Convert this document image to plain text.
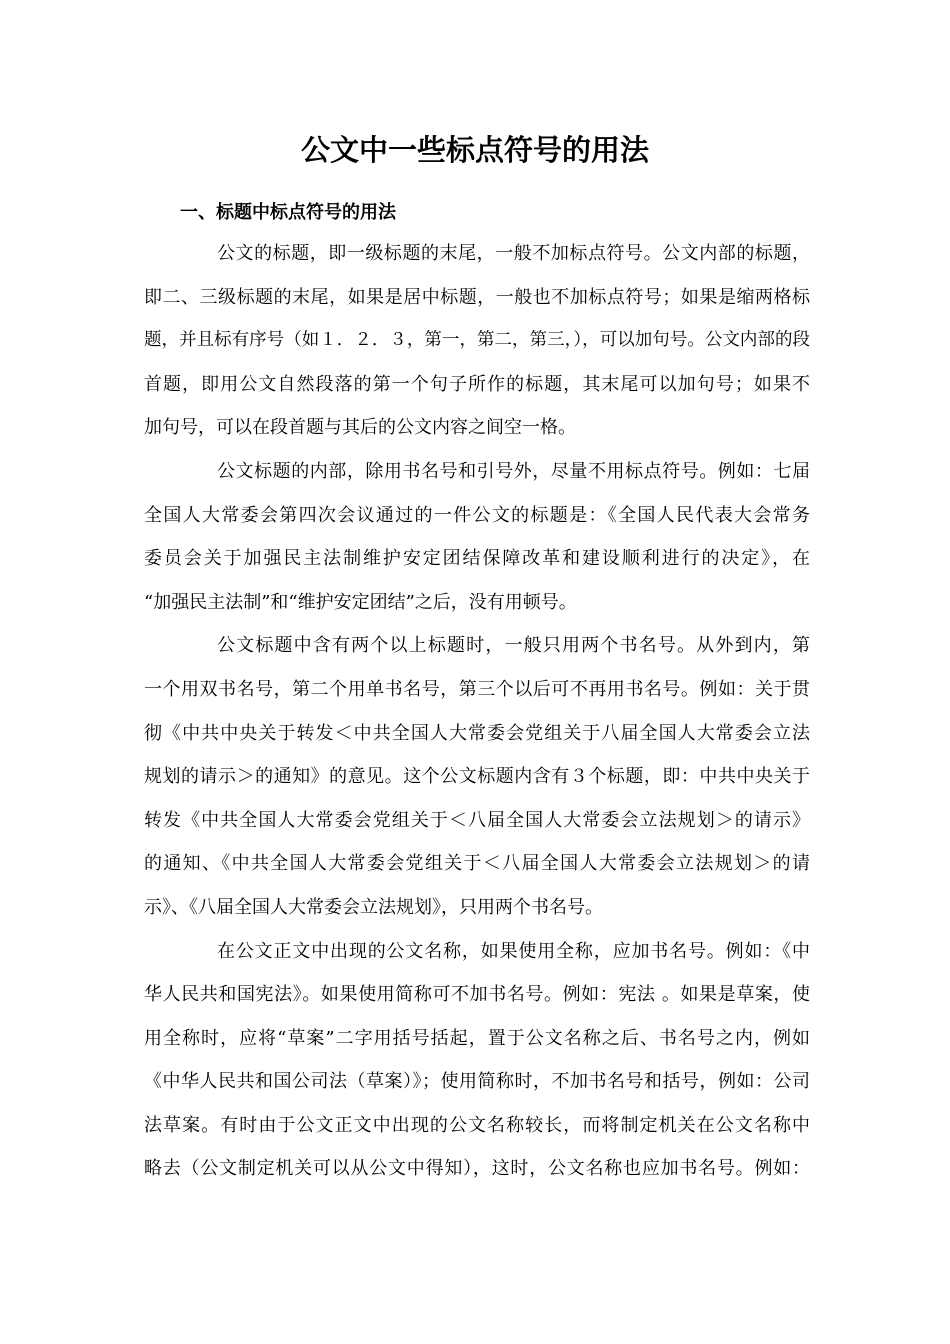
公文中一些标点符号的用法
一、标题中标点符号的用法
公文的标题，即一级标题的末尾，一般不加标点符号。公文内部的标题，
即二、三级标题的末尾，如果是居中标题，一般也不加标点符号；如果是缩两格标
题，并且标有序号（如１．２．３，第一，第二，第三，），可以加句号。公文内部的段
首题，即用公文自然段落的第一个句子所作的标题，其末尾可以加句号；如果不
加句号，可以在段首题与其后的公文内容之间空一格。
公文标题的内部，除用书名号和引号外，尽量不用标点符号。例如：七届
全国人大常委会第四次会议通过的一件公文的标题是：《全国人民代表大会常务
委员会关于加强民主法制维护安定团结保障改革和建设顺利进行的决定》，在
“加强民主法制”和“维护安定团结”之后，没有用顿号。
公文标题中含有两个以上标题时，一般只用两个书名号。从外到内，第
一个用双书名号，第二个用单书名号，第三个以后可不再用书名号。例如：关于贯
彻《中共中央关于转发＜中共全国人大常委会党组关于八届全国人大常委会立法
规划的请示＞的通知》的意见。这个公文标题内含有３个标题，即：中共中央关于
转发《中共全国人大常委会党组关于＜八届全国人大常委会立法规划＞的请示》
的通知、《中共全国人大常委会党组关于＜八届全国人大常委会立法规划＞的请
示》、《八届全国人大常委会立法规划》，只用两个书名号。
在公文正文中出现的公文名称，如果使用全称，应加书名号。例如：《中
华人民共和国宪法》。如果使用简称可不加书名号。例如：宪法 。如果是草案，使
用全称时，应将“草案”二字用括号括起，置于公文名称之后、书名号之内，例如
《中华人民共和国公司法（草案）》；使用简称时，不加书名号和括号，例如：公司
法草案。有时由于公文正文中出现的公文名称较长，而将制定机关在公文名称中
略去（公文制定机关可以从公文中得知），这时，公文名称也应加书名号。例如：
